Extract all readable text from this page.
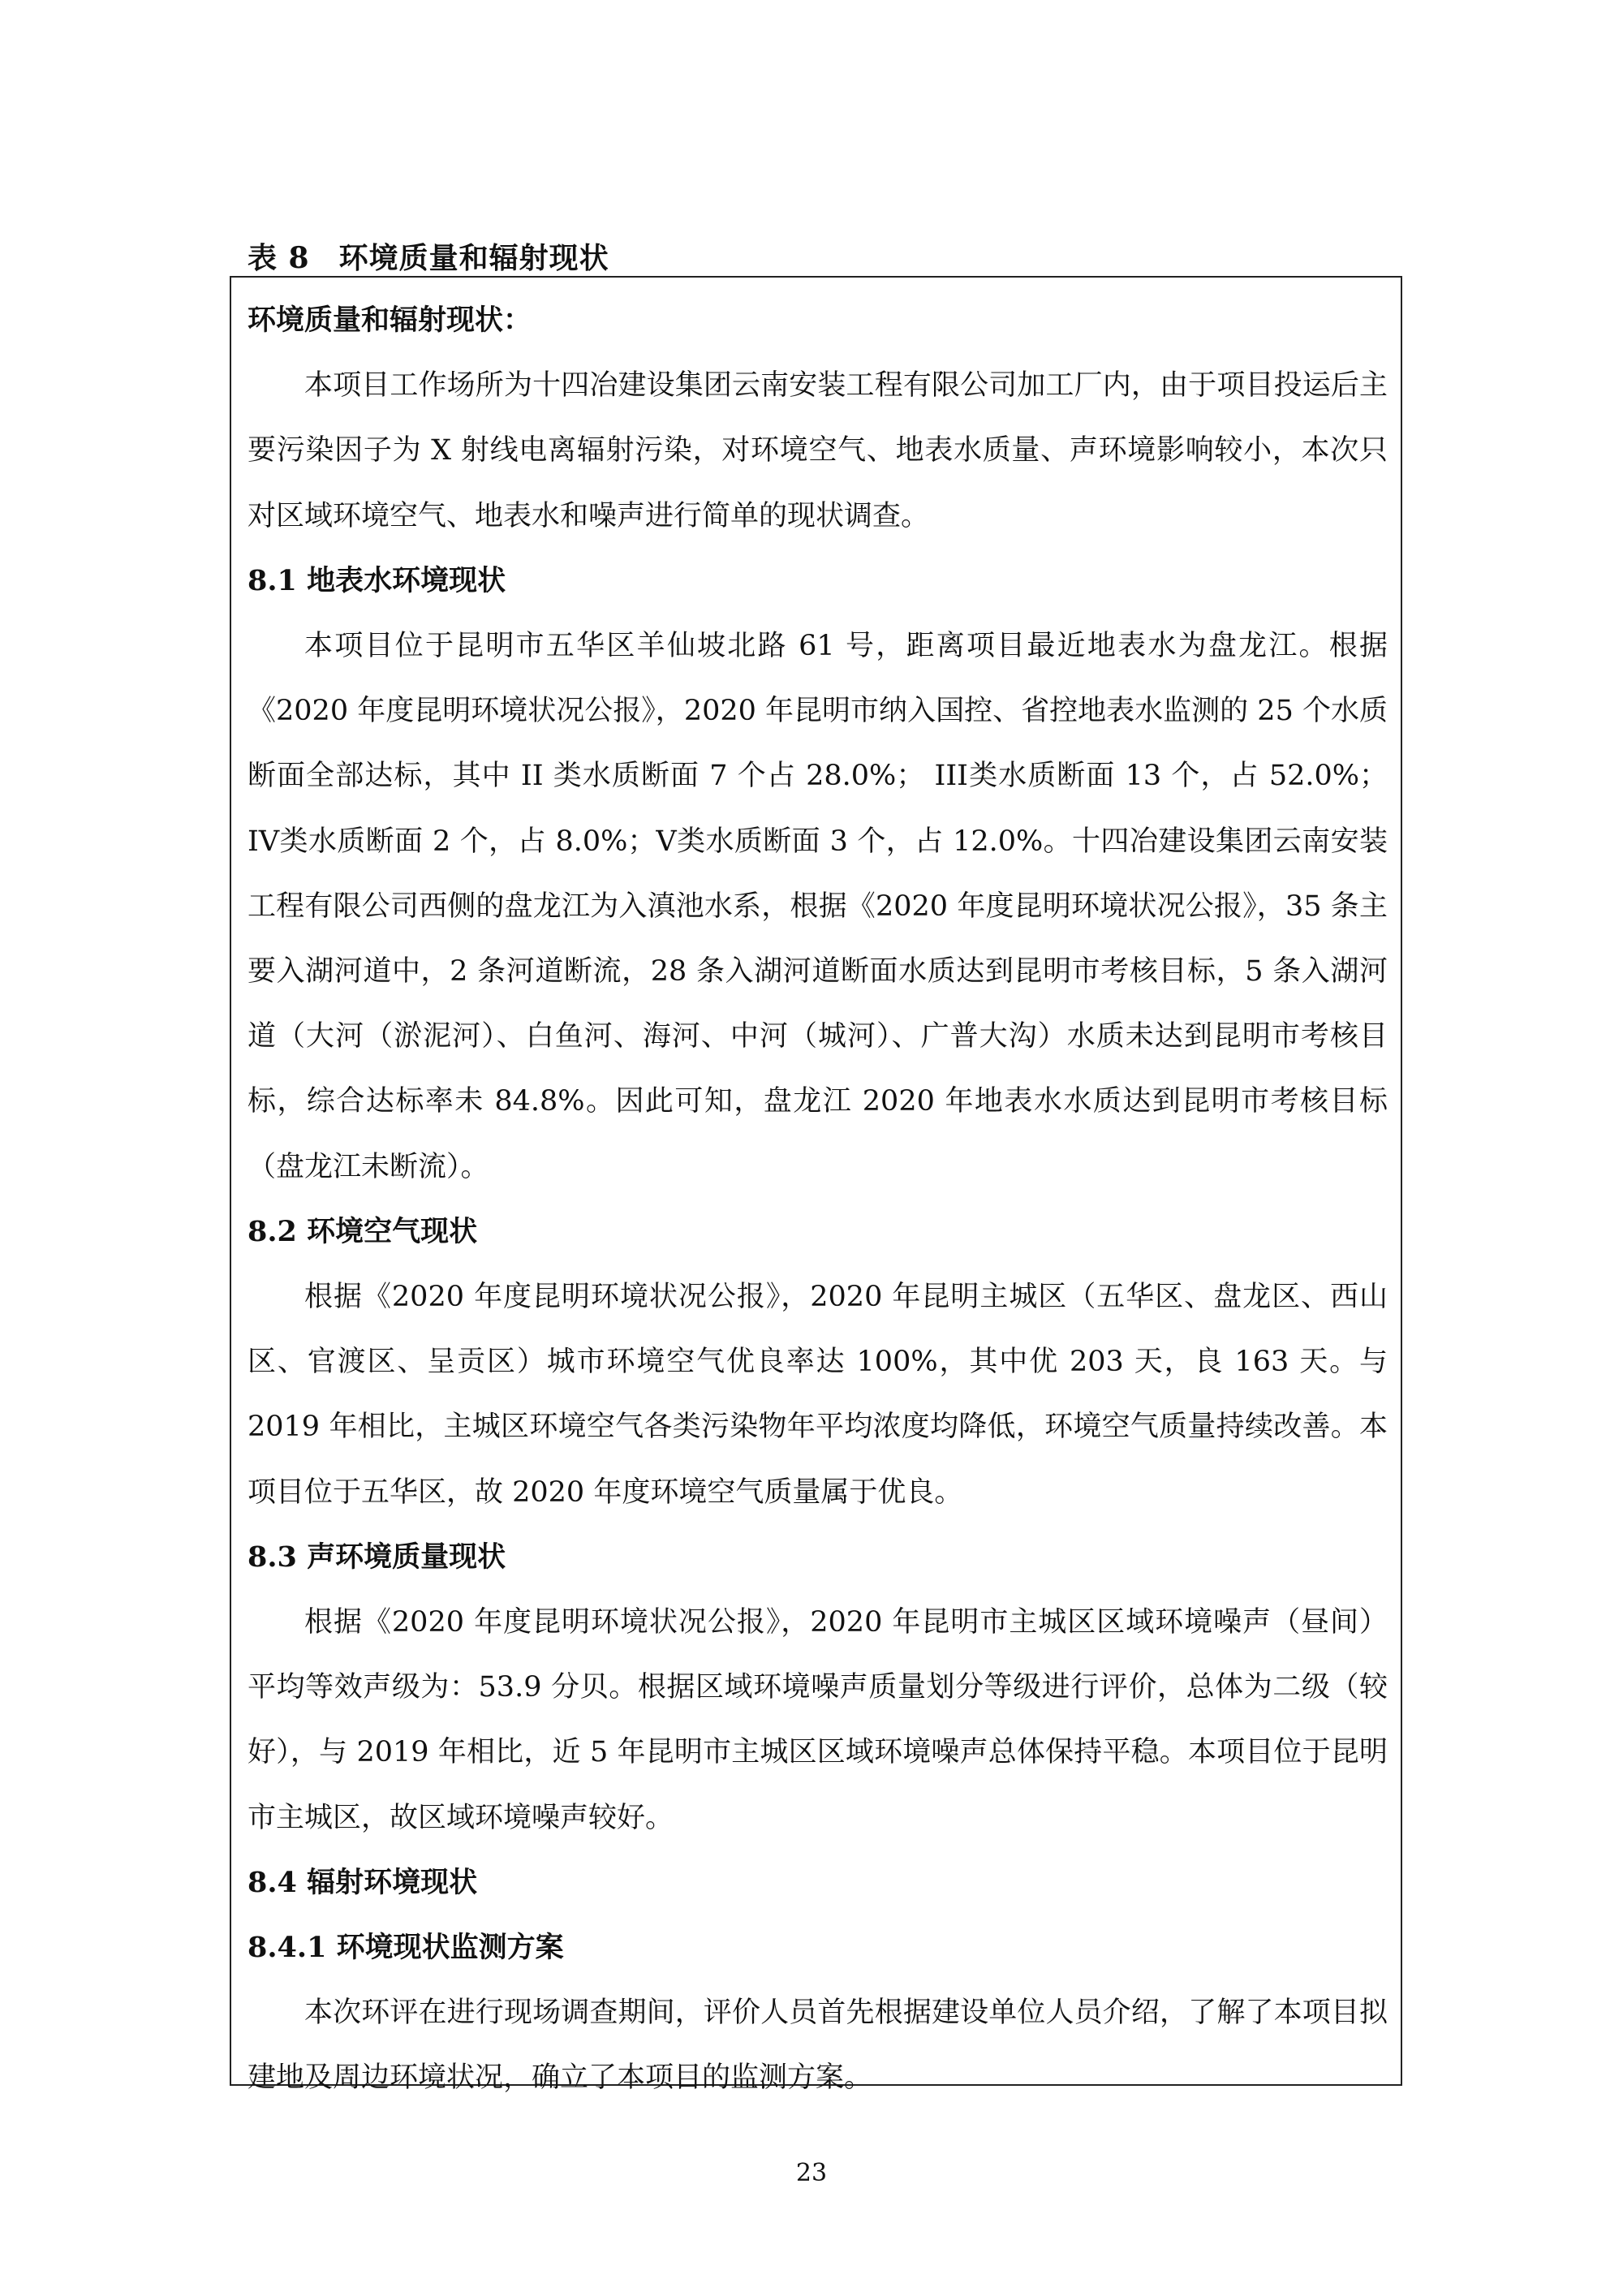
表 8 环境质量和辐射现状

环境质量和辐射现状：

本项目工作场所为十四冶建设集团云南安装工程有限公司加工厂内，由于项目投运后主要污染因子为 X 射线电离辐射污染，对环境空气、地表水质量、声环境影响较小，本次只对区域环境空气、地表水和噪声进行简单的现状调查。

8.1 地表水环境现状

本项目位于昆明市五华区羊仙坡北路 61 号，距离项目最近地表水为盘龙江。根据《2020 年度昆明环境状况公报》，2020 年昆明市纳入国控、省控地表水监测的 25 个水质断面全部达标，其中 II 类水质断面 7 个占 28.0%； III类水质断面 13 个，占 52.0%；IV类水质断面 2 个，占 8.0%；V类水质断面 3 个，占 12.0%。十四冶建设集团云南安装工程有限公司西侧的盘龙江为入滇池水系，根据《2020 年度昆明环境状况公报》，35 条主要入湖河道中，2 条河道断流，28 条入湖河道断面水质达到昆明市考核目标，5 条入湖河道（大河（淤泥河）、白鱼河、海河、中河（城河）、广普大沟）水质未达到昆明市考核目标，综合达标率未 84.8%。因此可知，盘龙江 2020 年地表水水质达到昆明市考核目标（盘龙江未断流）。

8.2 环境空气现状

根据《2020 年度昆明环境状况公报》，2020 年昆明主城区（五华区、盘龙区、西山区、官渡区、呈贡区）城市环境空气优良率达 100%，其中优 203 天，良 163 天。与 2019 年相比，主城区环境空气各类污染物年平均浓度均降低，环境空气质量持续改善。本项目位于五华区，故 2020 年度环境空气质量属于优良。

8.3 声环境质量现状

根据《2020 年度昆明环境状况公报》，2020 年昆明市主城区区域环境噪声（昼间）平均等效声级为：53.9 分贝。根据区域环境噪声质量划分等级进行评价，总体为二级（较好），与 2019 年相比，近 5 年昆明市主城区区域环境噪声总体保持平稳。本项目位于昆明市主城区，故区域环境噪声较好。

8.4 辐射环境现状

8.4.1 环境现状监测方案

本次环评在进行现场调查期间，评价人员首先根据建设单位人员介绍，了解了本项目拟建地及周边环境状况，确立了本项目的监测方案。

23
